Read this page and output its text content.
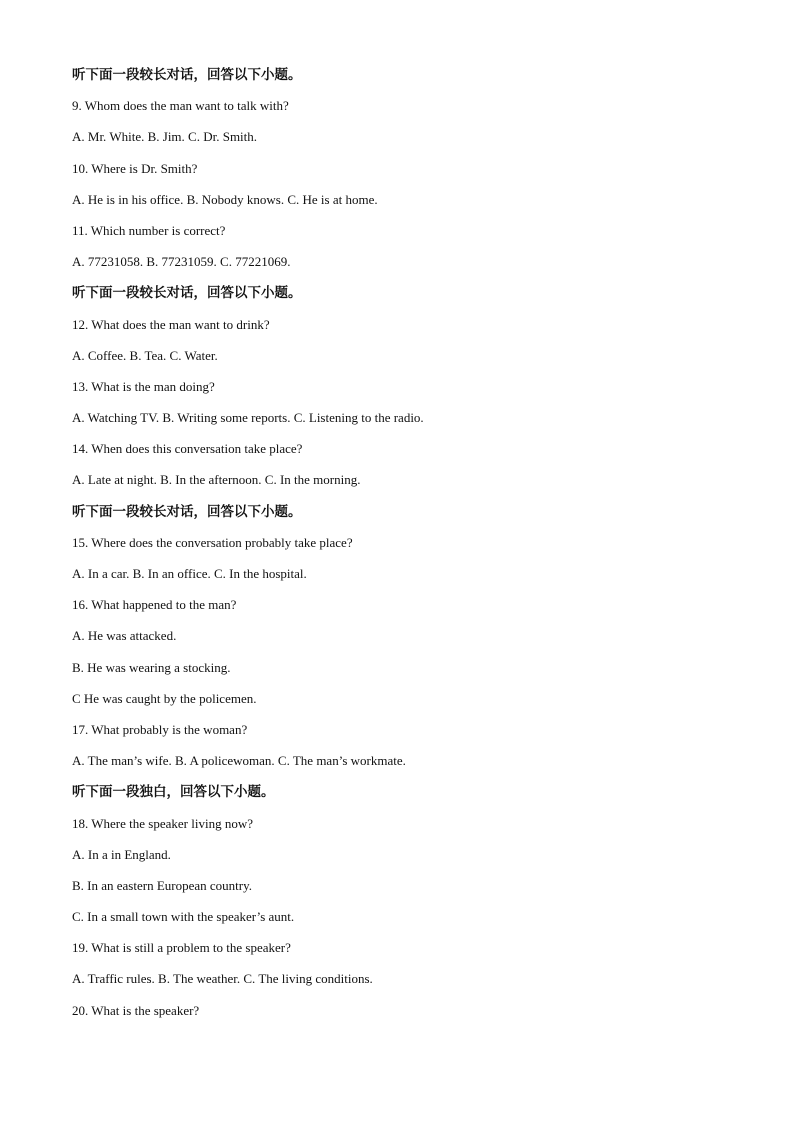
听下面一段较长对话，回答以下小题。
9. Whom does the man want to talk with?
A. Mr. White. B. Jim. C. Dr. Smith.
10. Where is Dr. Smith?
A. He is in his office. B. Nobody knows. C. He is at home.
11. Which number is correct?
A. 77231058. B. 77231059. C. 77221069.
听下面一段较长对话，回答以下小题。
12. What does the man want to drink?
A. Coffee. B. Tea. C. Water.
13. What is the man doing?
A. Watching TV. B. Writing some reports. C. Listening to the radio.
14. When does this conversation take place?
A. Late at night. B. In the afternoon. C. In the morning.
听下面一段较长对话，回答以下小题。
15. Where does the conversation probably take place?
A. In a car. B. In an office. C. In the hospital.
16. What happened to the man?
A. He was attacked.
B. He was wearing a stocking.
C He was caught by the policemen.
17. What probably is the woman?
A. The man’s wife. B. A policewoman. C. The man’s workmate.
听下面一段独白，回答以下小题。
18. Where the speaker living now?
A. In a in England.
B. In an eastern European country.
C. In a small town with the speaker’s aunt.
19. What is still a problem to the speaker?
A. Traffic rules. B. The weather. C. The living conditions.
20. What is the speaker?
